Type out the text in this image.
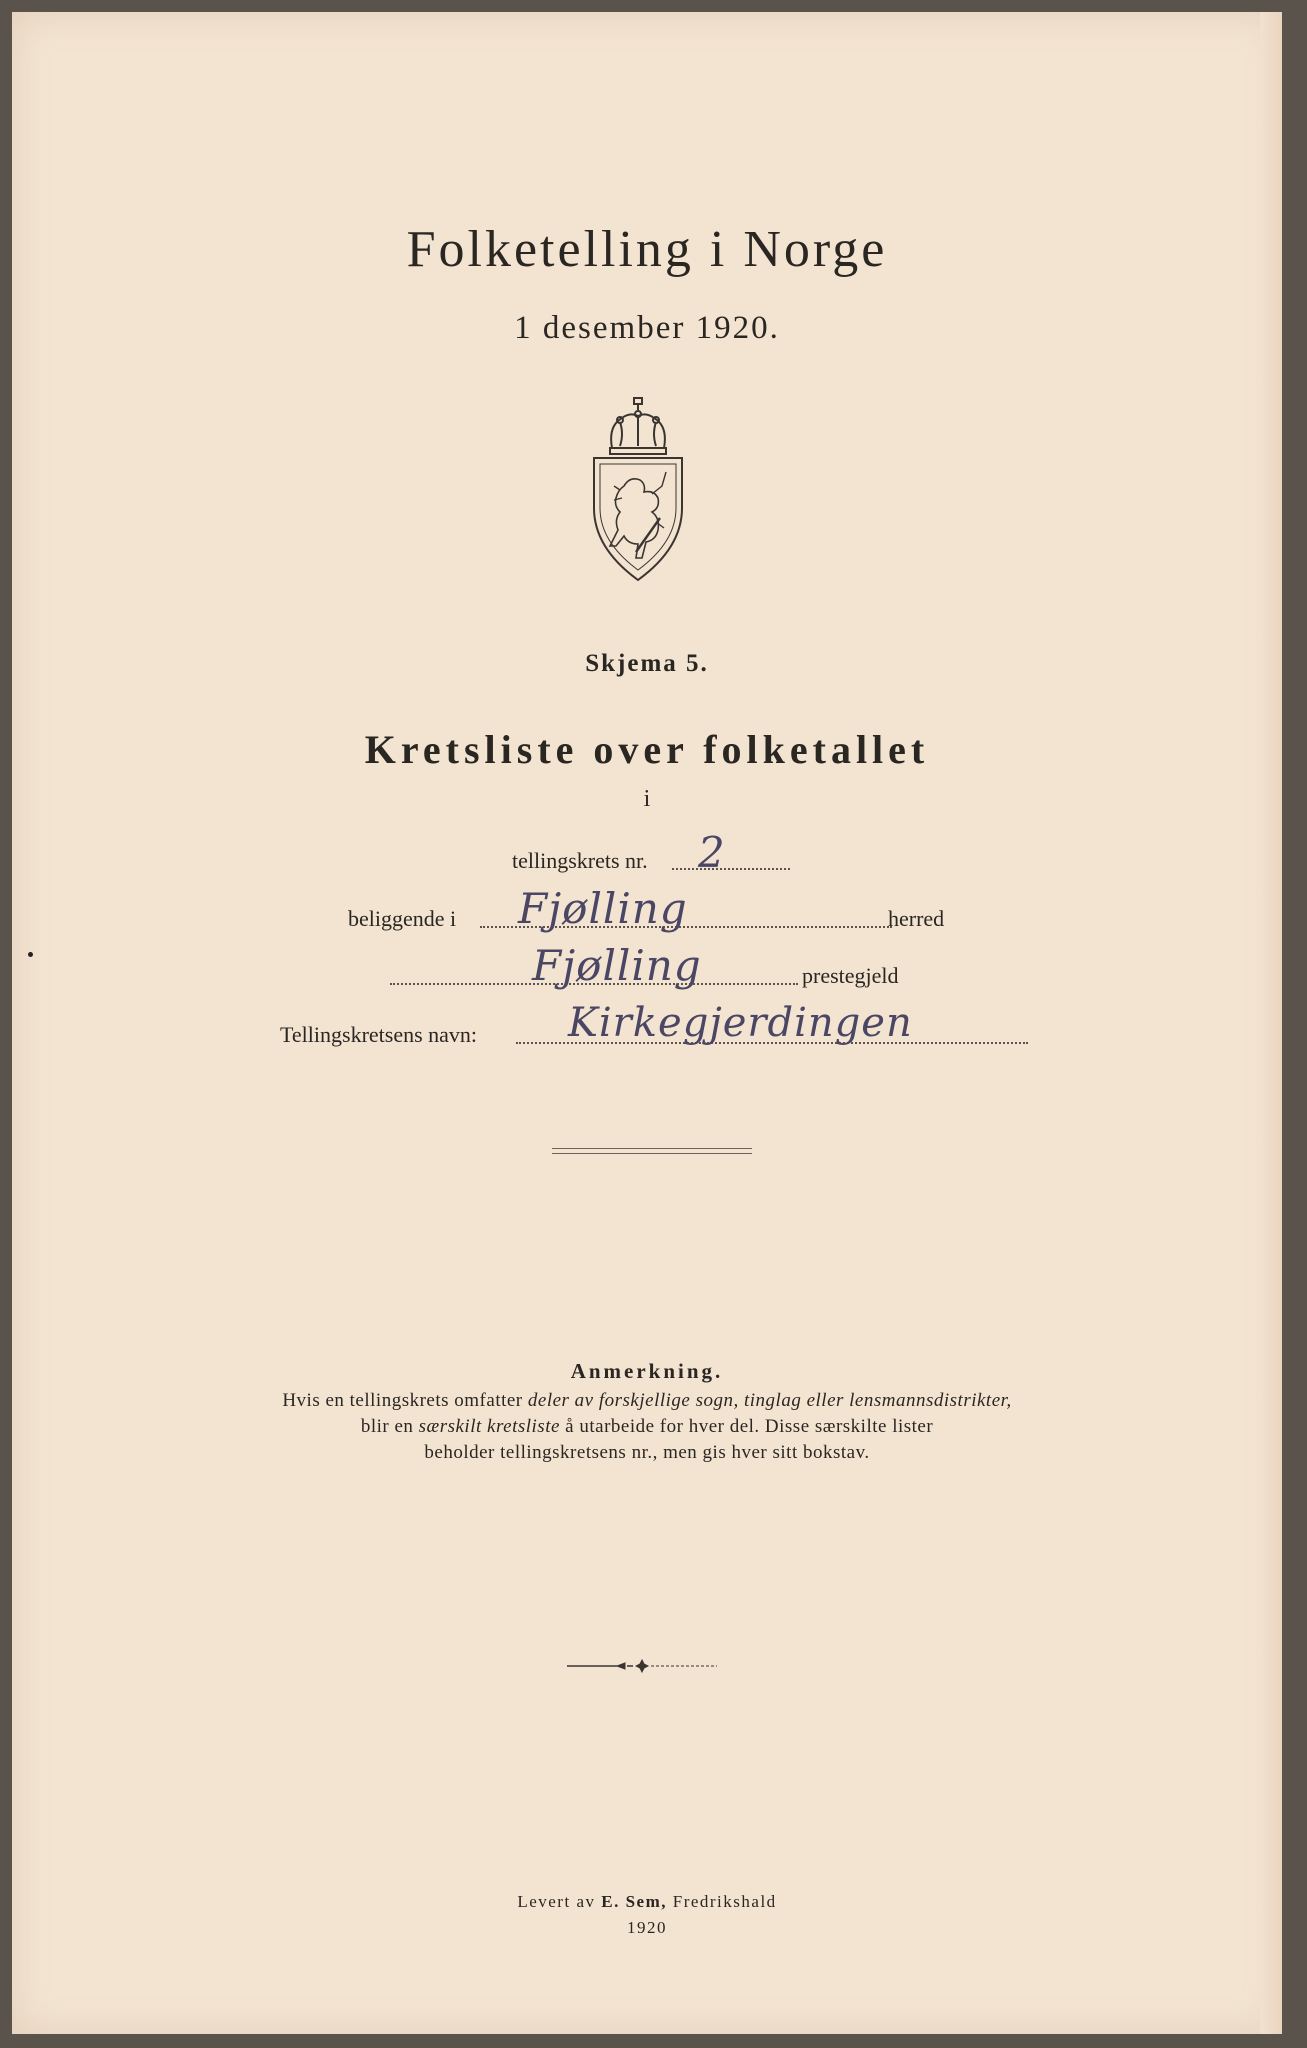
Folketelling i Norge
1 desember 1920.
Skjema 5.
Kretsliste over folketallet
i
tellingskrets nr. 2
beliggende i Fjølling	herred
Fjølling	prestegjeld
Tellingskretsens navn: Kirkegjerdingen
Anmerkning.
Hvis en tellingskrets omfatter deler av forskjellige sogn, tinglag eller lensmannsdistrikter,
blir en særskilt kretsliste å utarbeide for hver del. Disse særskilte lister
beholder tellingskretsens nr., men gis hver sitt bokstav.
Levert av E. Sem, Fredrikshald
1920
